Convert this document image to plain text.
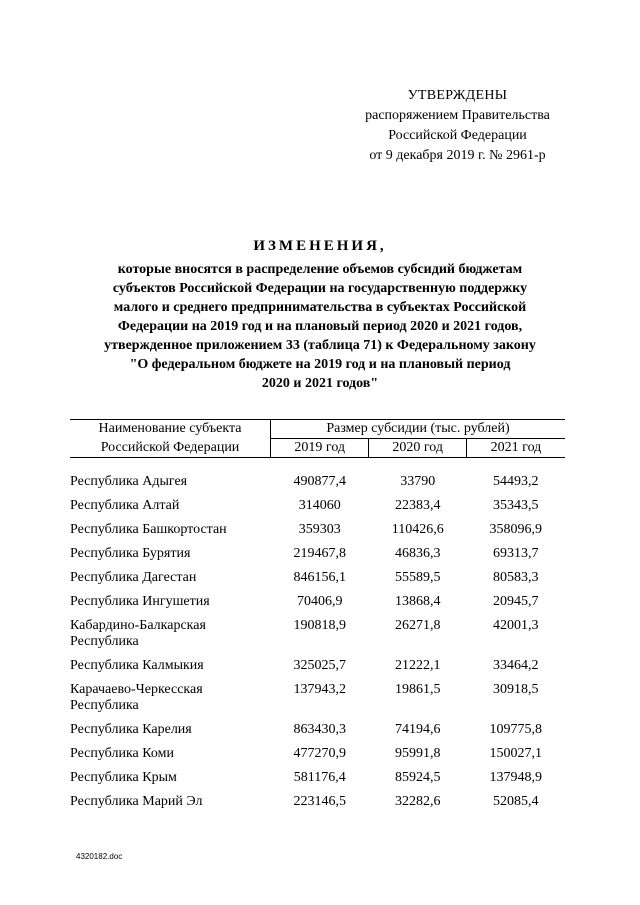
УТВЕРЖДЕНЫ
распоряжением Правительства
Российской Федерации
от 9 декабря 2019 г. № 2961-р
ИЗМЕНЕНИЯ,
которые вносятся в распределение объемов субсидий бюджетам
субъектов Российской Федерации на государственную поддержку
малого и среднего предпринимательства в субъектах Российской
Федерации на 2019 год и на плановый период 2020 и 2021 годов,
утвержденное приложением 33 (таблица 71) к Федеральному закону
"О федеральном бюджете на 2019 год и на плановый период
2020 и 2021 годов"
Наименование субъекта	Размер субсидии (тыс. рублей)		
Российской Федерации	2019 год	2020 год	2021 год

Республика Адыгея	490877,4	33790	54493,2
Республика Алтай	314060	22383,4	35343,5
Республика Башкортостан	359303	110426,6	358096,9
Республика Бурятия	219467,8	46836,3	69313,7
Республика Дагестан	846156,1	55589,5	80583,3
Республика Ингушетия	70406,9	13868,4	20945,7
Кабардино-Балкарская Республика	190818,9	26271,8	42001,3
Республика Калмыкия	325025,7	21222,1	33464,2
Карачаево-Черкесская Республика	137943,2	19861,5	30918,5
Республика Карелия	863430,3	74194,6	109775,8
Республика Коми	477270,9	95991,8	150027,1
Республика Крым	581176,4	85924,5	137948,9
Республика Марий Эл	223146,5	32282,6	52085,4
4320182.doc
